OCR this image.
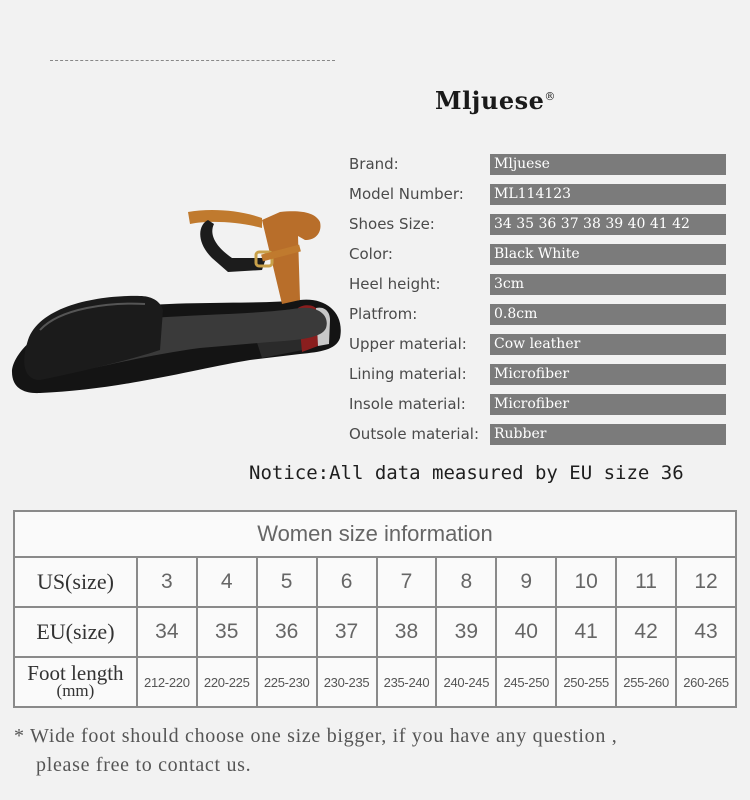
Mljuese®
Brand:	Mljuese
Model Number: ML114123
Shoes Size:	34 35 36 37 38 39 40 41 42
Color:	Black White
Heel height:	3cm
Platfrom:	0.8cm
Upper material: Cow leather
Lining material: Microfiber
Insole material: Microfiber
Outsole material: Rubber
Notice:All data measured by EU size 36
Women size information										
US(size)	3	4	5	6	7	8	9	10	11	12
EU(size)	34	35	36	37	38	39	40	41	42	43
Foot length
(mm)	212-220	220-225	225-230	230-235	235-240	240-245	245-250	250-255	255-260	260-265
* Wide foot should choose one size bigger, if you have any question ,
please free to contact us.
